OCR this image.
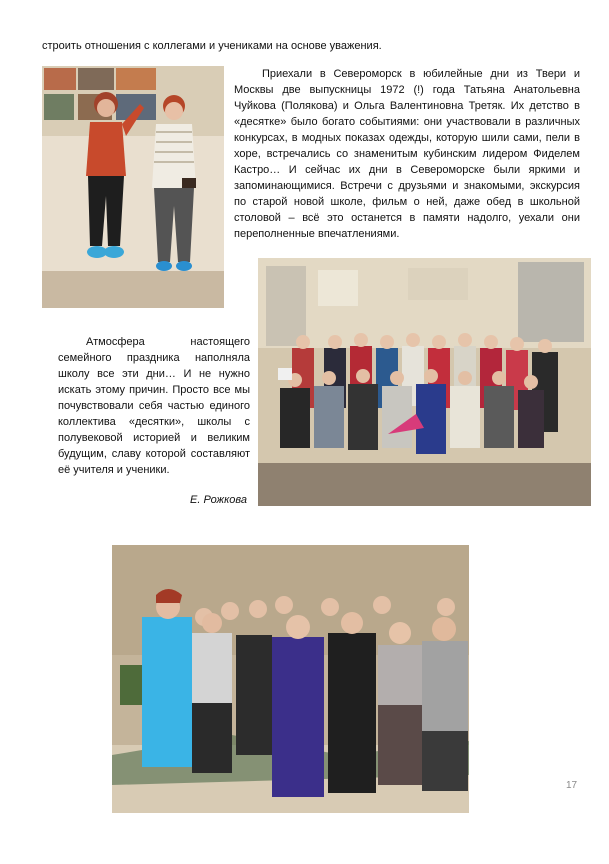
строить отношения с коллегами и учениками на основе уважения.
Приехали в Североморск в юбилейные дни из Твери и Москвы две выпускницы 1972 (!) года Татьяна Анатольевна Чуйкова (Полякова) и Ольга Валентиновна Третяк. Их детство в «десятке» было богато событиями: они участвовали в различных конкурсах, в модных показах одежды, которую шили сами, пели в хоре, встречались со знаменитым кубинским лидером Фиделем Кастро… И сейчас их дни в Североморске были яркими и запоминающимися. Встречи с друзьями и знакомыми, экскурсия по старой новой школе, фильм о ней, даже обед в школьной столовой – всё это останется в памяти надолго, уехали они переполненные впечатлениями.
Атмосфера настоящего семейного праздника наполняла школу все эти дни… И не нужно искать этому причин. Просто все мы почувствовали себя частью единого коллектива «десятки», школы с полувековой историей и великим будущим, славу которой составляют её учителя и ученики.
Е. Рожкова
17
